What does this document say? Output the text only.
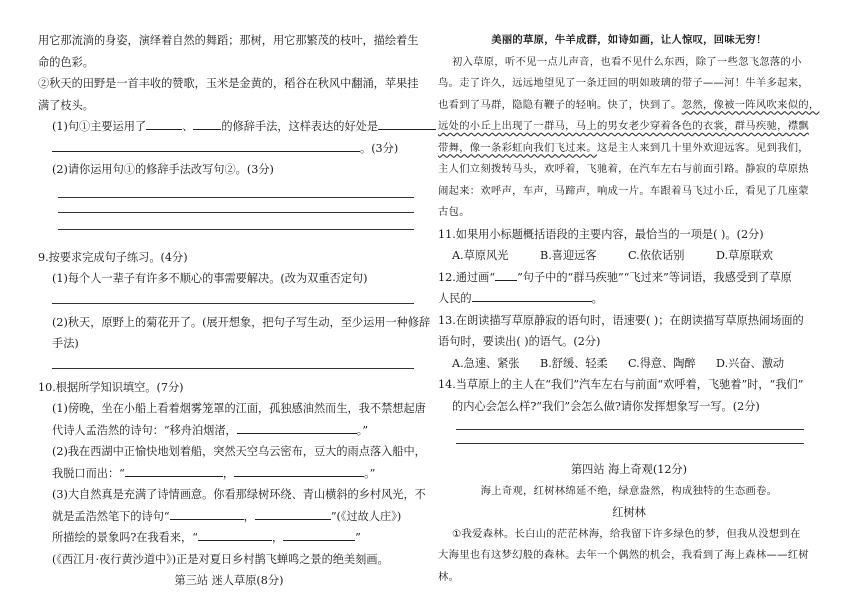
用它那流淌的身姿，演绎着自然的舞蹈；那树，用它那繁茂的枝叶，描绘着生
命的色彩。
②秋天的田野是一首丰收的赞歌，玉米是金黄的，稻谷在秋风中翻涌，苹果挂
满了枝头。
(1)句①主要运用了	、	的修辞手法，这样表达的好处是
。(3分)
(2)请你运用句①的修辞手法改写句②。(3分)
9.按要求完成句子练习。(4分)
(1)每个人一辈子有许多不顺心的事需要解决。(改为双重否定句)
(2)秋天，原野上的菊花开了。(展开想象，把句子写生动，至少运用一种修辞
手法)
10.根据所学知识填空。(7分)
(1)傍晚，坐在小船上看着烟雾笼罩的江面，孤独感油然而生，我不禁想起唐
代诗人孟浩然的诗句：“移舟泊烟渚，	。”
(2)我在西湖中正愉快地划着船，突然天空乌云密布，豆大的雨点落入船中，
我脱口而出：“	，	。”
(3)大自然真是充满了诗情画意。你看那绿树环绕、青山横斜的乡村风光，不
就是孟浩然笔下的诗句“	，	”(《过故人庄》)
所描绘的景象吗?在我看来，“	，	”
(《西江月·夜行黄沙道中》)正是对夏日乡村鹊飞蝉鸣之景的绝美刻画。
第三站 迷人草原(8分)
美丽的草原，牛羊成群，如诗如画，让人惊叹，回味无穷！
初入草原，听不见一点儿声音，也看不见什么东西，除了一些忽飞忽落的小
鸟。走了许久，远远地望见了一条迂回的明如玻璃的带子——河！牛羊多起来，
也看到了马群，隐隐有鞭子的轻响。快了，快到了。忽然，像被一阵风吹来似的，
远处的小丘上出现了一群马，马上的男女老少穿着各色的衣裳，群马疾驰，襟飘
带舞，像一条彩虹向我们飞过来。这是主人来到几十里外欢迎远客。见到我们，
主人们立刻拨转马头，欢呼着，飞驰着，在汽车左右与前面引路。静寂的草原热
闹起来：欢呼声，车声，马蹄声，响成一片。车跟着马飞过小丘，看见了几座蒙
古包。
11.如果用小标题概括语段的主要内容，最恰当的一项是( )。(2分)
A.草原风光	B.喜迎远客	C.依依话别	D.草原联欢
12.通过画“ ”句子中的“群马疾驰”“飞过来”等词语，我感受到了草原
人民的	。
13.在朗读描写草原静寂的语句时，语速要( )；在朗读描写草原热闹场面的
语句时，要读出( )的语气。(2分)
A.急速、紧张 B.舒缓、轻柔 C.得意、陶醉 D.兴奋、激动
14.当草原上的主人在“我们”汽车左右与前面“欢呼着，飞驰着”时，“我们”
的内心会怎么样?“我们”会怎么做?请你发挥想象写一写。(2分)
第四站 海上奇观(12分)
海上奇观，红树林绵延不绝，绿意盎然，构成独特的生态画卷。
红树林
①我爱森林。长白山的茫茫林海，给我留下许多绿色的梦，但我从没想到在
大海里也有这梦幻般的森林。去年一个偶然的机会，我看到了海上森林——红树
林。
